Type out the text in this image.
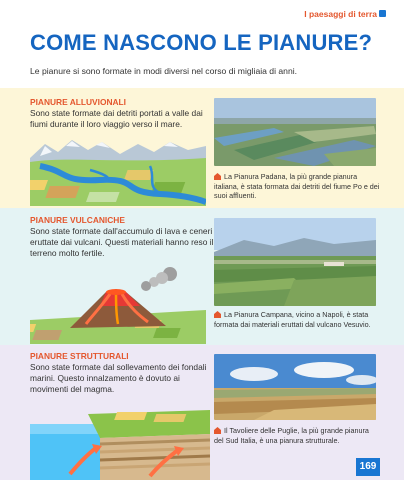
I paesaggi di terra
COME NASCONO LE PIANURE?

Le pianure si sono formate in modi diversi nel corso di migliaia di anni.

PIANURE ALLUVIONALI
Sono state formate dai detriti portati a valle dai fiumi durante il loro viaggio verso il mare.
La Pianura Padana, la più grande pianura italiana, è stata formata dai detriti del fiume Po e dei suoi affluenti.
PIANURE VULCANICHE
Sono state formate dall'accumulo di lava e ceneri eruttate dai vulcani. Questi materiali hanno reso il terreno molto fertile.
La Pianura Campana, vicino a Napoli, è stata formata dai materiali eruttati dal vulcano Vesuvio.
PIANURE STRUTTURALI
Sono state formate dal sollevamento dei fondali marini. Questo innalzamento è dovuto ai movimenti del magma.
Il Tavoliere delle Puglie, la più grande pianura del Sud Italia, è una pianura strutturale.
169
